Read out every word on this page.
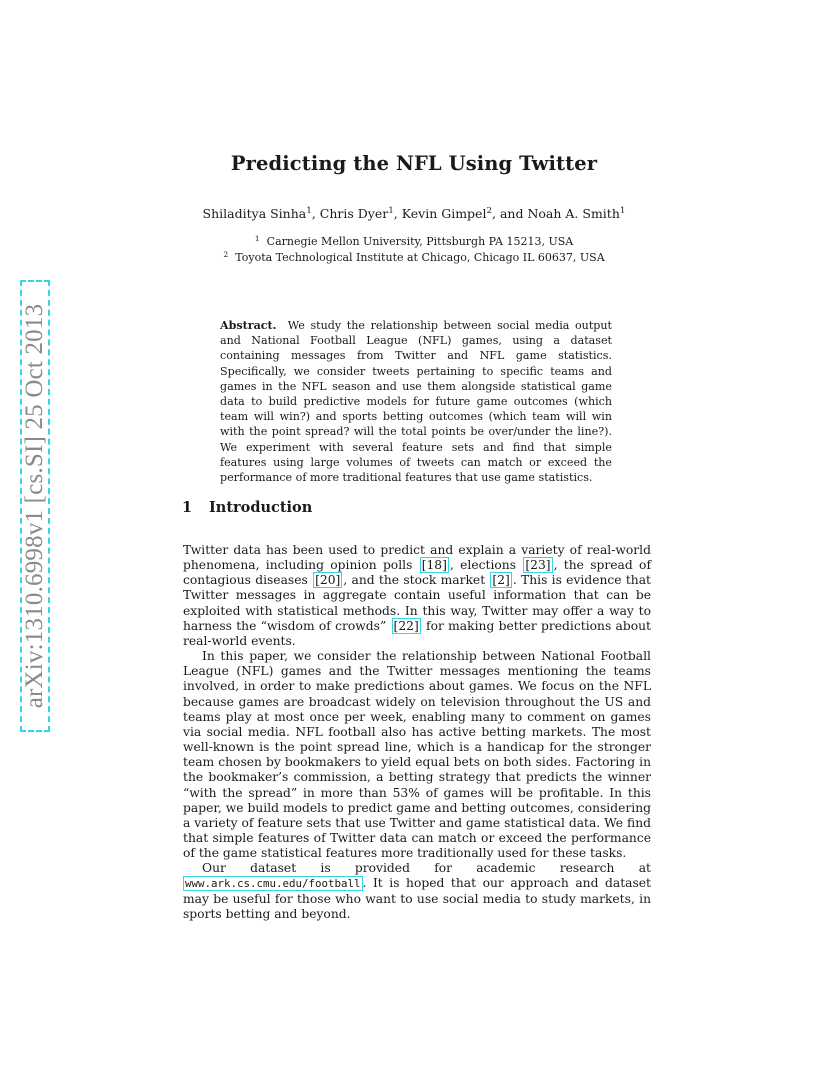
arXiv:1310.6998v1 [cs.SI] 25 Oct 2013
Predicting the NFL Using Twitter
Shiladitya Sinha$^1$, Chris Dyer$^1$, Kevin Gimpel$^2$, and Noah A. Smith$^1$
$^1$ Carnegie Mellon University, Pittsburgh PA 15213, USA
$^2$ Toyota Technological Institute at Chicago, Chicago IL 60637, USA
Abstract. We study the relationship between social media output and National Football League (NFL) games, using a dataset containing messages from Twitter and NFL game statistics. Specifically, we consider tweets pertaining to specific teams and games in the NFL season and use them alongside statistical game data to build predictive models for future game outcomes (which team will win?) and sports betting outcomes (which team will win with the point spread? will the total points be over/under the line?). We experiment with several feature sets and find that simple features using large volumes of tweets can match or exceed the performance of more traditional features that use game statistics.
1 Introduction

Twitter data has been used to predict and explain a variety of real-world phenomena, including opinion polls [18] , elections [23] , the spread of contagious diseases [20] , and the stock market [2] . This is evidence that Twitter messages in aggregate contain useful information that can be exploited with statistical methods. In this way, Twitter may offer a way to harness the “wisdom of crowds” [22] for making better predictions about real-world events.

In this paper, we consider the relationship between National Football League (NFL) games and the Twitter messages mentioning the teams involved, in order to make predictions about games. We focus on the NFL because games are broadcast widely on television throughout the US and teams play at most once per week, enabling many to comment on games via social media. NFL football also has active betting markets. The most well-known is the point spread line, which is a handicap for the stronger team chosen by bookmakers to yield equal bets on both sides. Factoring in the bookmaker’s commission, a betting strategy that predicts the winner “with the spread” in more than 53% of games will be profitable. In this paper, we build models to predict game and betting outcomes, considering a variety of feature sets that use Twitter and game statistical data. We find that simple features of Twitter data can match or exceed the performance of the game statistical features more traditionally used for these tasks.

Our dataset is provided for academic research at www.ark.cs.cmu.edu/football . It is hoped that our approach and dataset may be useful for those who want to use social media to study markets, in sports betting and beyond.
